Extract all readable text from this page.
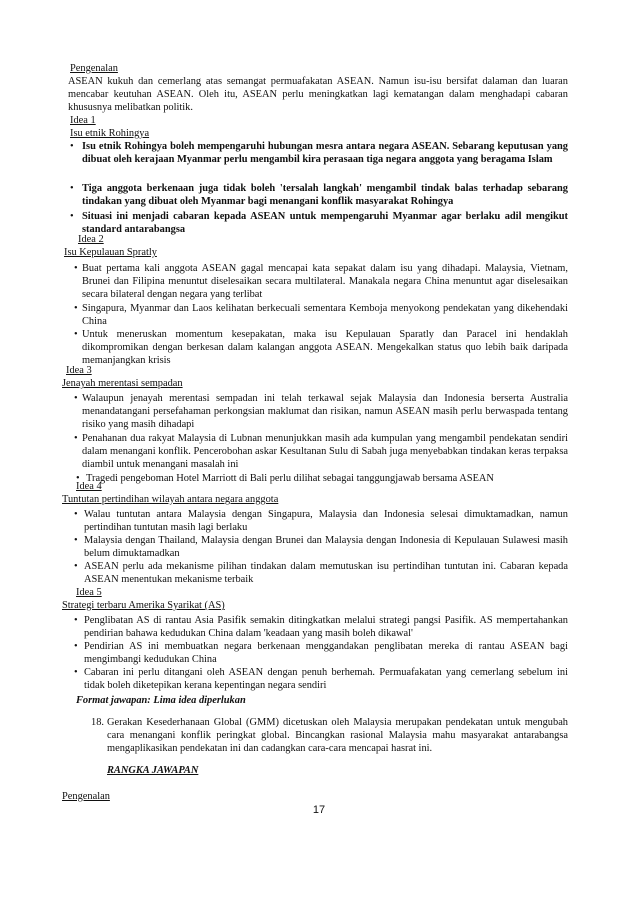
Pengenalan
ASEAN kukuh dan cemerlang atas semangat permuafakatan ASEAN. Namun isu-isu bersifat dalaman dan luaran mencabar keutuhan ASEAN. Oleh itu, ASEAN perlu meningkatkan lagi kematangan dalam menghadapi cabaran khususnya melibatkan politik.
Idea 1
Isu etnik Rohingya
• Isu etnik Rohingya boleh mempengaruhi hubungan mesra antara negara ASEAN. Sebarang keputusan yang dibuat oleh kerajaan Myanmar perlu mengambil kira perasaan tiga negara anggota yang beragama Islam
• Tiga anggota berkenaan juga tidak boleh 'tersalah langkah' mengambil tindak balas terhadap sebarang tindakan yang dibuat oleh Myanmar bagi menangani konflik masyarakat Rohingya
• Situasi ini menjadi cabaran kepada ASEAN untuk mempengaruhi Myanmar agar berlaku adil mengikut standard antarabangsa
Idea 2
Isu Kepulauan Spratly
• Buat pertama kali anggota ASEAN gagal mencapai kata sepakat dalam isu yang dihadapi. Malaysia, Vietnam, Brunei dan Filipina menuntut diselesaikan secara multilateral. Manakala negara China menuntut agar diselesaikan secara bilateral dengan negara yang terlibat
• Singapura, Myanmar dan Laos kelihatan berkecuali sementara Kemboja menyokong pendekatan yang dikehendaki China
• Untuk meneruskan momentum kesepakatan, maka isu Kepulauan Sparatly dan Paracel ini hendaklah dikompromikan dengan berkesan dalam kalangan anggota ASEAN. Mengekalkan status quo lebih baik daripada memanjangkan krisis
Idea 3
Jenayah merentasi sempadan
• Walaupun jenayah merentasi sempadan ini telah terkawal sejak Malaysia dan Indonesia berserta Australia menandatangani persefahaman perkongsian maklumat dan risikan, namun ASEAN masih perlu berwaspada tentang risiko yang masih dihadapi
• Penahanan dua rakyat Malaysia di Lubnan menunjukkan masih ada kumpulan yang mengambil pendekatan sendiri dalam menangani konflik. Pencerobohan askar Kesultanan Sulu di Sabah juga menyebabkan tindakan keras terpaksa diambil untuk menangani masalah ini
• Tragedi pengeboman Hotel Marriott di Bali perlu dilihat sebagai tanggungjawab bersama ASEAN
Idea 4
Tuntutan pertindihan wilayah antara negara anggota
• Walau tuntutan antara Malaysia dengan Singapura, Malaysia dan Indonesia selesai dimuktamadkan, namun pertindihan tuntutan masih lagi berlaku
• Malaysia dengan Thailand, Malaysia dengan Brunei dan Malaysia dengan Indonesia di Kepulauan Sulawesi masih belum dimuktamadkan
• ASEAN perlu ada mekanisme pilihan tindakan dalam memutuskan isu pertindihan tuntutan ini. Cabaran kepada ASEAN menentukan mekanisme terbaik
Idea 5
Strategi terbaru Amerika Syarikat (AS)
• Penglibatan AS di rantau Asia Pasifik semakin ditingkatkan melalui strategi pangsi Pasifik. AS mempertahankan pendirian bahawa kedudukan China dalam 'keadaan yang masih boleh dikawal'
• Pendirian AS ini membuatkan negara berkenaan menggandakan penglibatan mereka di rantau ASEAN bagi mengimbangi kedudukan China
• Cabaran ini perlu ditangani oleh ASEAN dengan penuh berhemah. Permuafakatan yang cemerlang sebelum ini tidak boleh diketepikan kerana kepentingan negara sendiri
Format jawapan: Lima idea diperlukan
18. Gerakan Kesederhanaan Global (GMM) dicetuskan oleh Malaysia merupakan pendekatan untuk mengubah cara menangani konflik peringkat global. Bincangkan rasional Malaysia mahu masyarakat antarabangsa mengaplikasikan pendekatan ini dan cadangkan cara-cara mencapai hasrat ini.
RANGKA JAWAPAN
Pengenalan
17
